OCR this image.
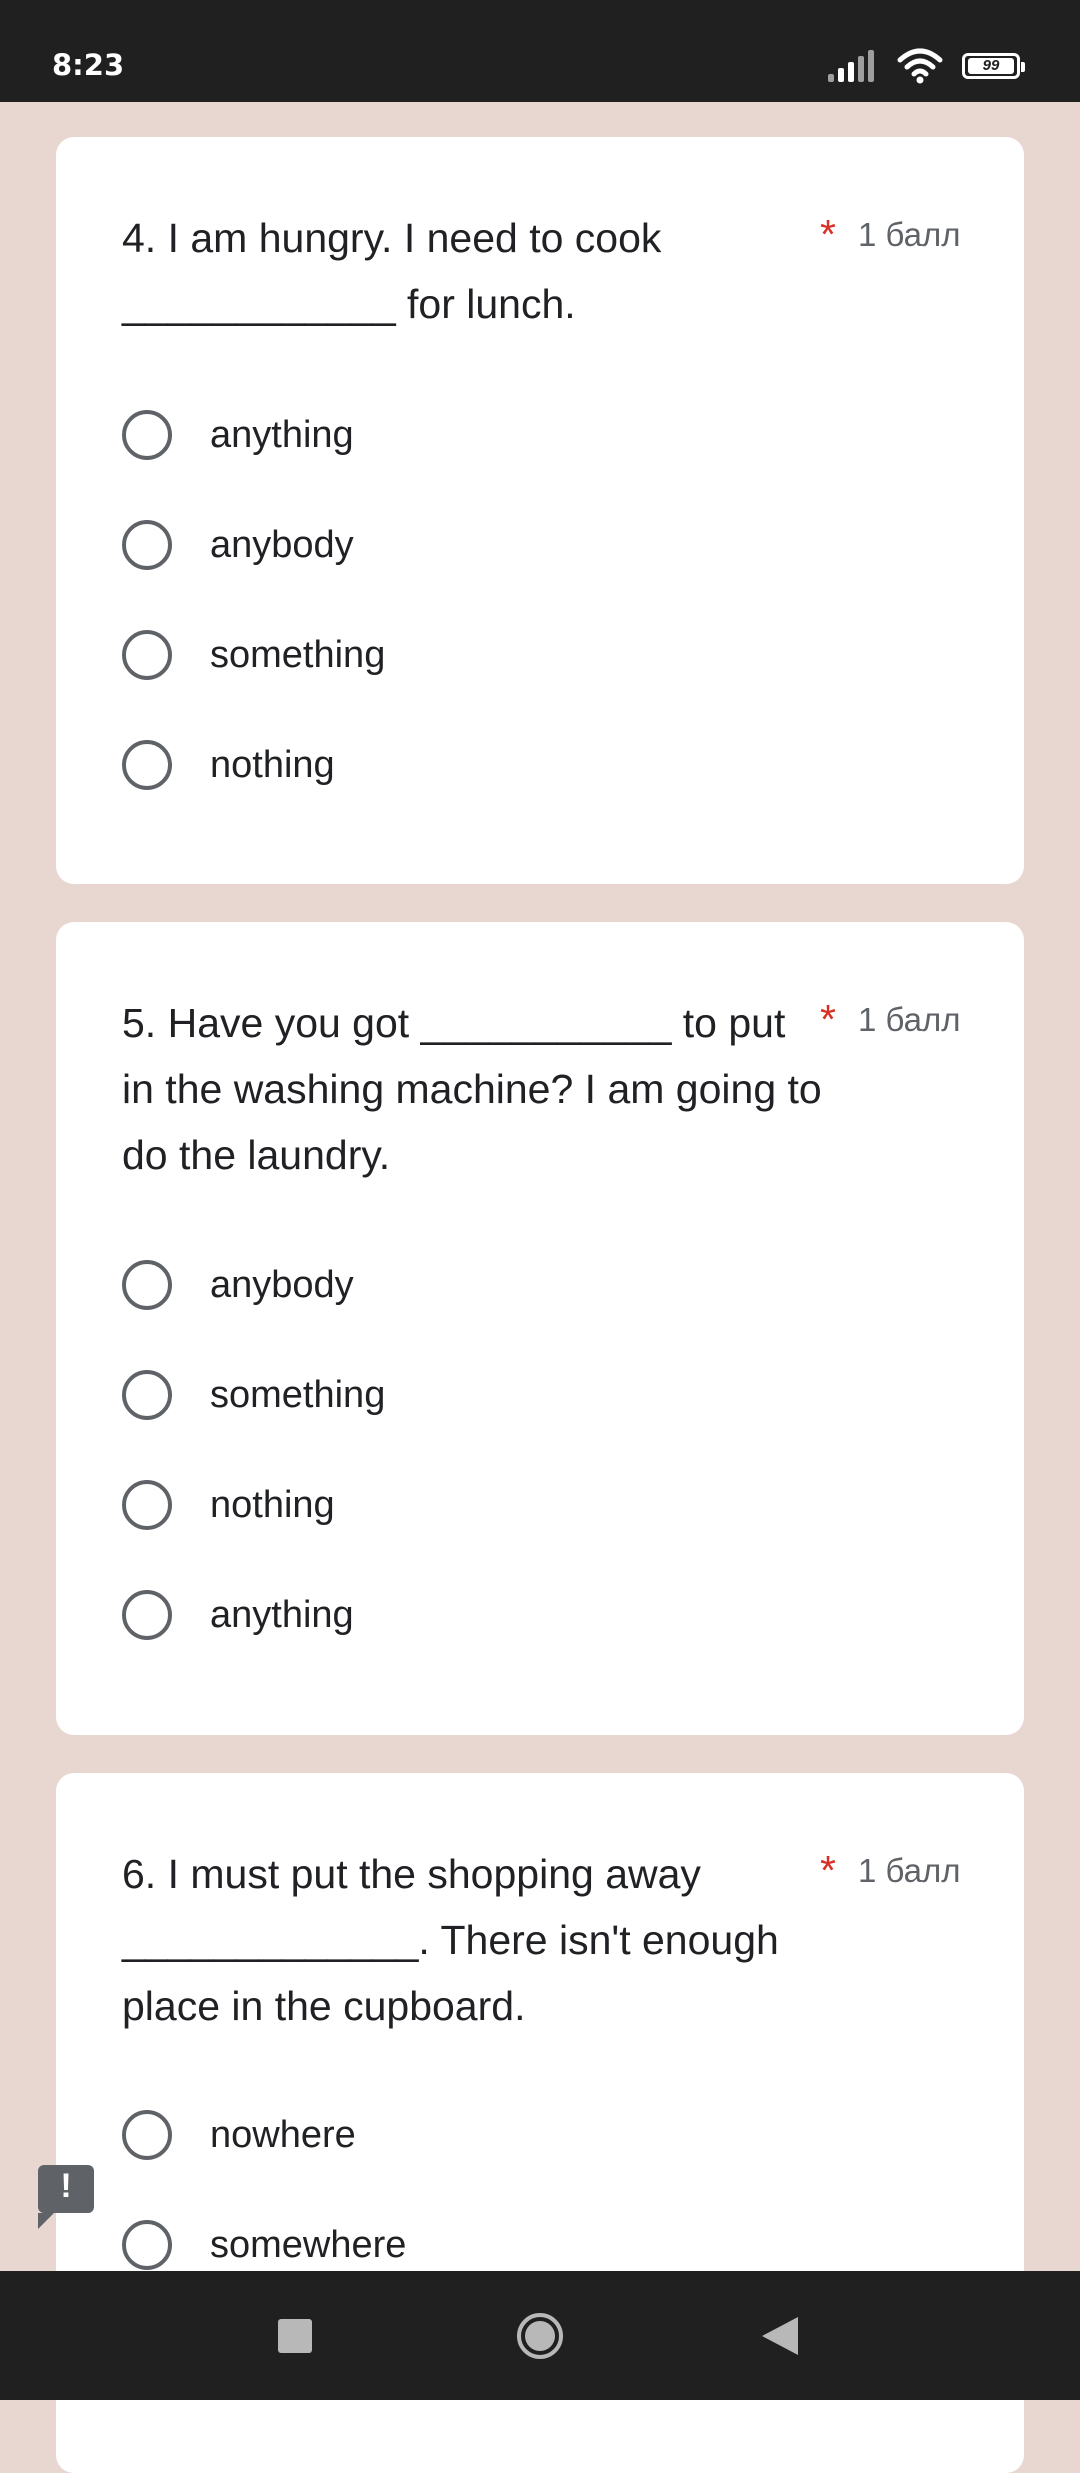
8:23	99
4. I am hungry. I need to cook ____________ for lunch.
* 1 балл
anything
anybody
something
nothing
5. Have you got ___________ to put in the washing machine? I am going to do the laundry.
* 1 балл
anybody
something
nothing
anything
6. I must put the shopping away _____________. There isn't enough place in the cupboard.
* 1 балл
nowhere
somewhere
!
